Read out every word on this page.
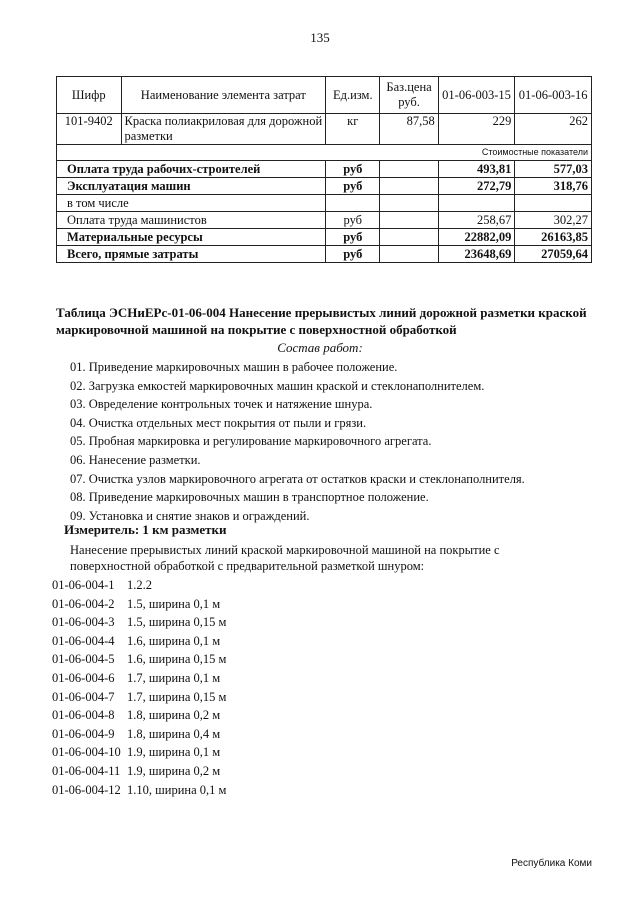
135
Шифр	Наименование элемента затрат	Ед.изм.	Баз.цена руб.	01-06-003-15	01-06-003-16
101-9402	Краска полиакриловая для дорожной разметки	кг	87,58	229	262
Стоимостные показатели					
Оплата труда рабочих-строителей		руб		493,81	577,03
Эксплуатация машин		руб		272,79	318,76
в том числе					
Оплата труда машинистов		руб		258,67	302,27
Материальные ресурсы		руб		22882,09	26163,85
Всего, прямые затраты		руб		23648,69	27059,64
Таблица ЭСНиЕРс-01-06-004 Нанесение прерывистых линий дорожной разметки краской маркировочной машиной на покрытие с поверхностной обработкой
Состав работ:
01. Приведение маркировочных машин в рабочее положение.
02. Загрузка емкостей маркировочных машин краской и стеклонаполнителем.
03. Овределение контрольных точек и натяжение шнура.
04. Очистка отдельных мест покрытия от пыли и грязи.
05. Пробная маркировка и регулирование маркировочного агрегата.
06. Нанесение разметки.
07. Очистка узлов маркировочного агрегата от остатков краски и стеклонаполнителя.
08. Приведение маркировочных машин в транспортное положение.
09. Установка и снятие знаков и ограждений.
Измеритель: 1 км разметки
Нанесение прерывистых линий краской маркировочной машиной на покрытие с поверхностной обработкой с предварительной разметкой шнуром:
01-06-004-1	1.2.2
01-06-004-2	1.5, ширина 0,1 м
01-06-004-3	1.5, ширина 0,15 м
01-06-004-4	1.6, ширина 0,1 м
01-06-004-5	1.6, ширина 0,15 м
01-06-004-6	1.7, ширина 0,1 м
01-06-004-7	1.7, ширина 0,15 м
01-06-004-8	1.8, ширина 0,2 м
01-06-004-9	1.8, ширина 0,4 м
01-06-004-10 1.9, ширина 0,1 м
01-06-004-11 1.9, ширина 0,2 м
01-06-004-12 1.10, ширина 0,1 м
Республика Коми
